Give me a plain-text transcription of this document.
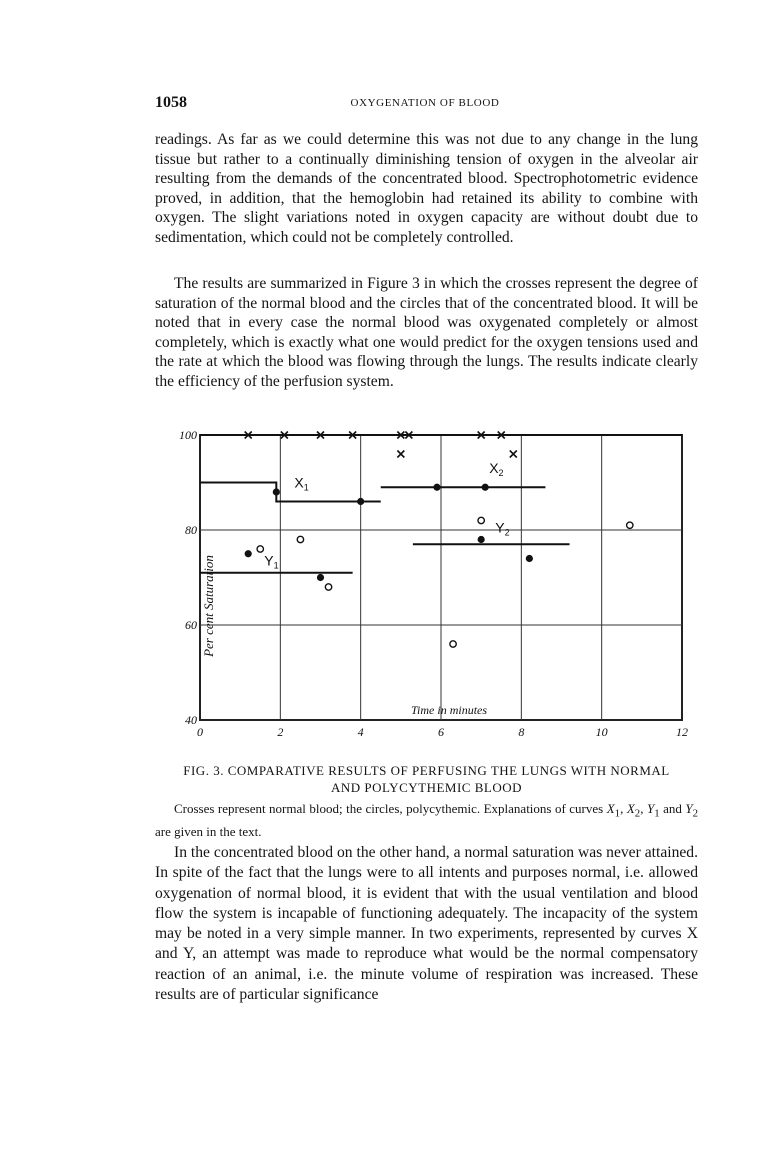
1058	OXYGENATION OF BLOOD

readings. As far as we could determine this was not due to any change in the lung tissue but rather to a continually diminishing tension of oxygen in the alveolar air resulting from the demands of the concentrated blood. Spectrophotometric evidence proved, in addition, that the hemoglobin had retained its ability to combine with oxygen. The slight variations noted in oxygen capacity are without doubt due to sedimentation, which could not be completely controlled.

The results are summarized in Figure 3 in which the crosses represent the degree of saturation of the normal blood and the circles that of the concentrated blood. It will be noted that in every case the normal blood was oxygenated completely or almost completely, which is exactly what one would predict for the oxygen tensions used and the rate at which the blood was flowing through the lungs. The results indicate clearly the efficiency of the perfusion system.

0	2	4	6	8	10	12
40
60
80
100
Time in minutes
Per cent Saturation
$X_1$
$X_2$
$Y_1$
$Y_2$
FIG. 3. COMPARATIVE RESULTS OF PERFUSING THE LUNGS WITH NORMAL
AND POLYCYTHEMIC BLOOD
Crosses represent normal blood; the circles, polycythemic. Explanations of curves $X_1$, $X_2$, $Y_1$ and $Y_2$ are given in the text.

In the concentrated blood on the other hand, a normal saturation was never attained. In spite of the fact that the lungs were to all intents and purposes normal, i.e. allowed oxygenation of normal blood, it is evident that with the usual ventilation and blood flow the system is incapable of functioning adequately. The incapacity of the system may be noted in a very simple manner. In two experiments, represented by curves X and Y, an attempt was made to reproduce what would be the normal compensatory reaction of an animal, i.e. the minute volume of respiration was increased. These results are of particular significance
